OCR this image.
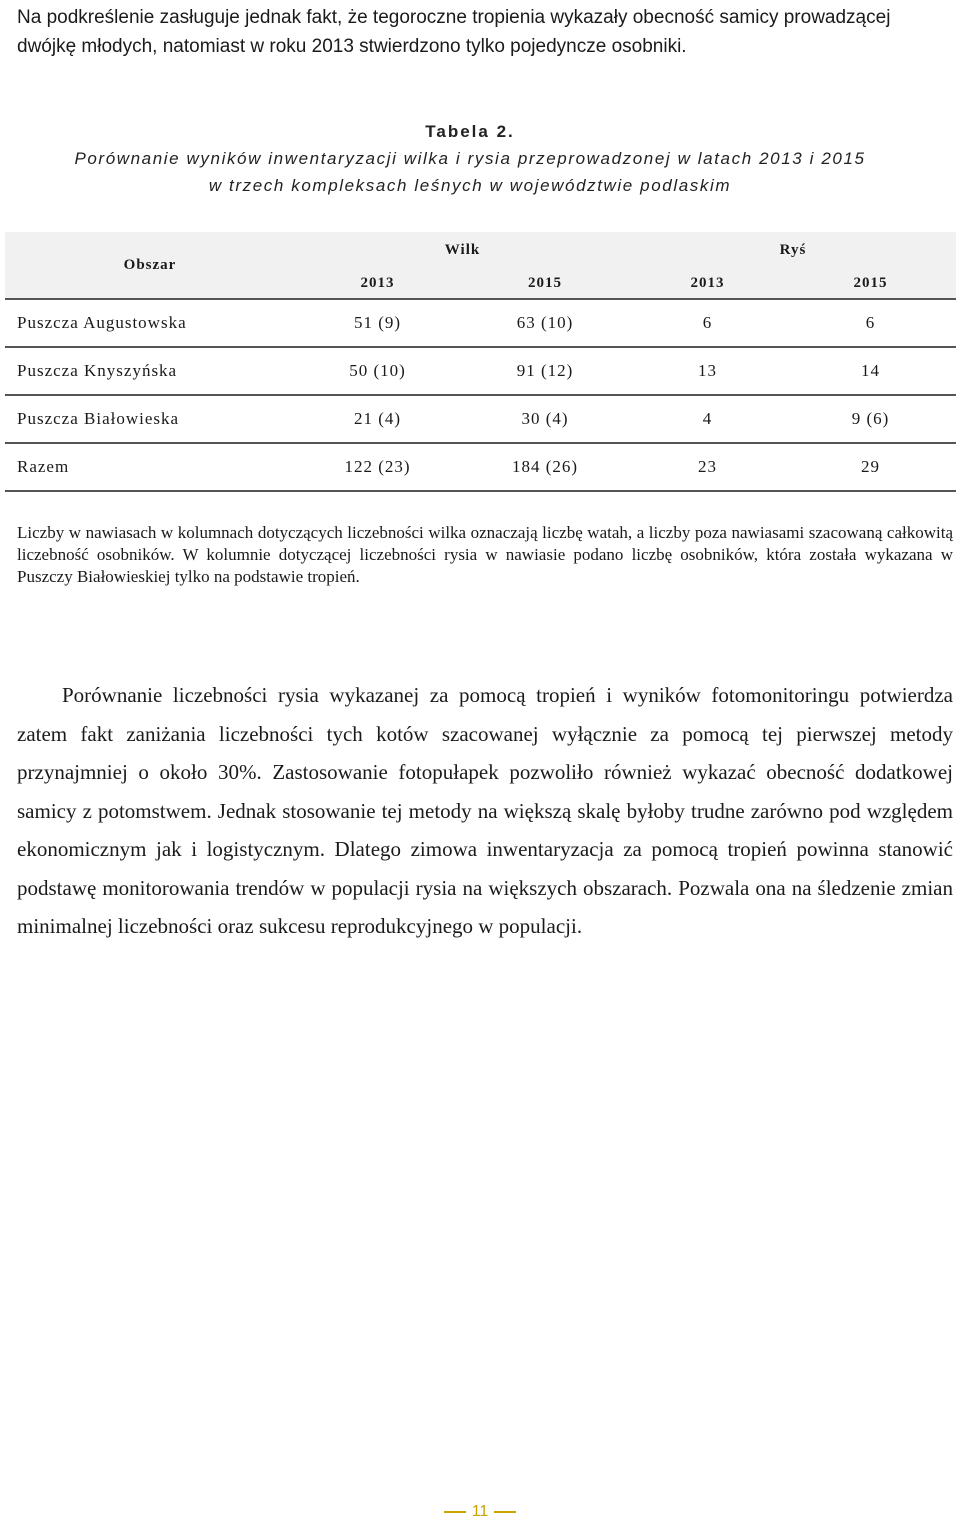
Na podkreślenie zasługuje jednak fakt, że tegoroczne tropienia wykazały obecność samicy prowadzącej dwójkę młodych, natomiast w roku 2013 stwierdzono tylko pojedyncze osobniki.

Tabela 2.
Porównanie wyników inwentaryzacji wilka i rysia przeprowadzonej w latach 2013 i 2015
w trzech kompleksach leśnych w województwie podlaskim
Obszar	Wilk		Ryś	
	2013	2015	2013	2015
Puszcza Augustowska	51 (9)	63 (10)	6	6
Puszcza Knyszyńska	50 (10)	91 (12)	13	14
Puszcza Białowieska	21 (4)	30 (4)	4	9 (6)
Razem	122 (23)	184 (26)	23	29

Liczby w nawiasach w kolumnach dotyczących liczebności wilka oznaczają liczbę watah, a liczby poza nawiasami szacowaną całkowitą liczebność osobników. W kolumnie dotyczącej liczebności rysia w nawiasie podano liczbę osobników, która została wykazana w Puszczy Białowieskiej tylko na podstawie tropień.

Porównanie liczebności rysia wykazanej za pomocą tropień i wyników fotomonitoringu potwierdza zatem fakt zaniżania liczebności tych kotów szacowanej wyłącznie za pomocą tej pierwszej metody przynajmniej o około 30%. Zastosowanie fotopułapek pozwoliło również wykazać obecność dodatkowej samicy z potomstwem. Jednak stosowanie tej metody na większą skalę byłoby trudne zarówno pod względem ekonomicznym jak i logistycznym. Dlatego zimowa inwentaryzacja za pomocą tropień powinna stanowić podstawę monitorowania trendów w populacji rysia na większych obszarach. Pozwala ona na śledzenie zmian minimalnej liczebności oraz sukcesu reprodukcyjnego w populacji.

11
